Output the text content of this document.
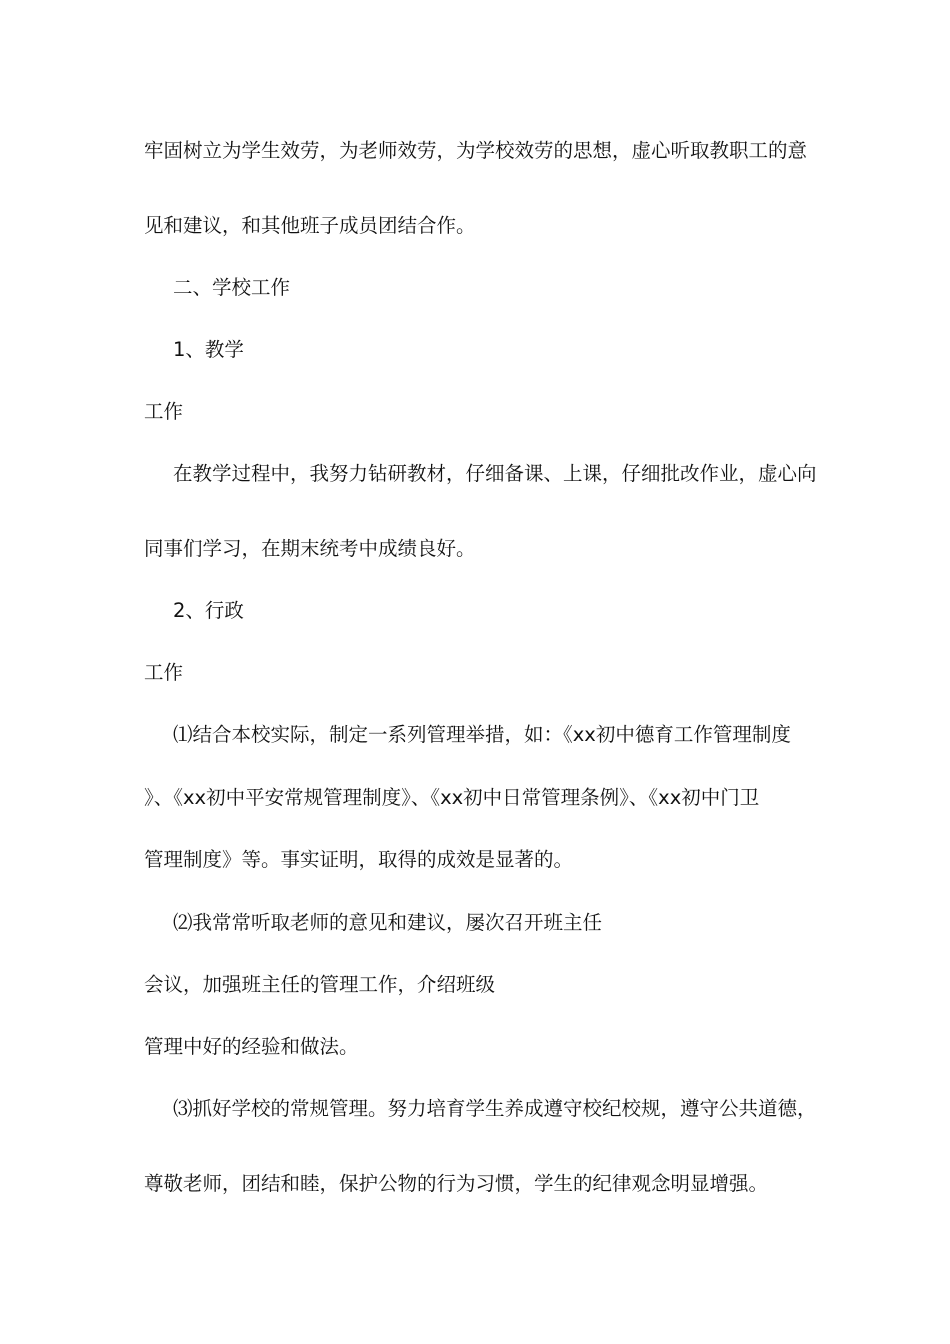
牢固树立为学生效劳，为老师效劳，为学校效劳的思想，虚心听取教职工的意
见和建议，和其他班子成员团结合作。
二、学校工作
1、教学
工作
在教学过程中，我努力钻研教材，仔细备课、上课，仔细批改作业，虚心向
同事们学习，在期末统考中成绩良好。
2、行政
工作
⑴结合本校实际，制定一系列管理举措，如：《xx初中德育工作管理制度
》、《xx初中平安常规管理制度》、《xx初中日常管理条例》、《xx初中门卫
管理制度》等。事实证明，取得的成效是显著的。
⑵我常常听取老师的意见和建议，屡次召开班主任
会议，加强班主任的管理工作，介绍班级
管理中好的经验和做法。
⑶抓好学校的常规管理。努力培育学生养成遵守校纪校规，遵守公共道德，
尊敬老师，团结和睦，保护公物的行为习惯，学生的纪律观念明显增强。
